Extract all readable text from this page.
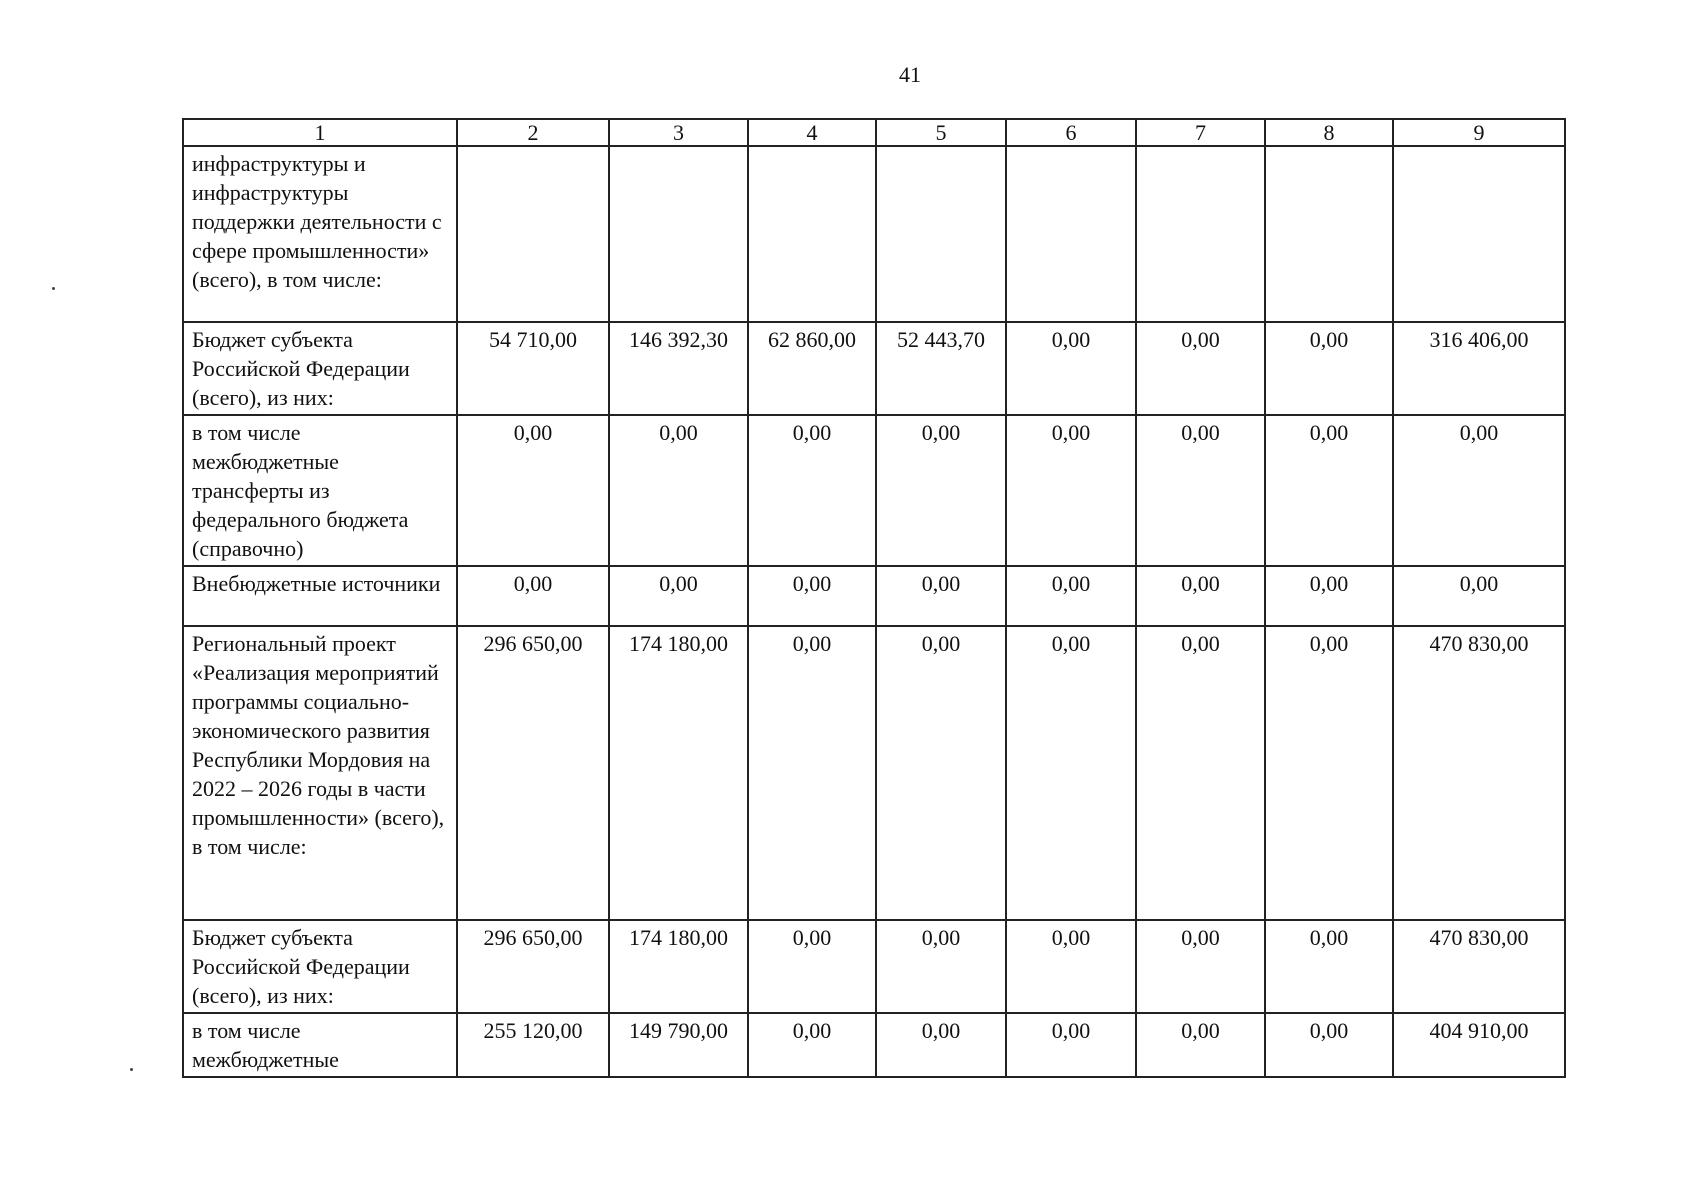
41
1	2	3	4	5	6	7	8	9
инфраструктуры и инфраструктуры поддержки деятельности с сфере промышленности» (всего), в том числе:								
Бюджет субъекта Российской Федерации (всего), из них:	54 710,00	146 392,30	62 860,00	52 443,70	0,00	0,00	0,00	316 406,00
в том числе межбюджетные трансферты из федерального бюджета (справочно)	0,00	0,00	0,00	0,00	0,00	0,00	0,00	0,00
Внебюджетные источники	0,00	0,00	0,00	0,00	0,00	0,00	0,00	0,00
Региональный проект «Реализация мероприятий программы социально-экономического развития Республики Мордовия на 2022 – 2026 годы в части промышленности» (всего), в том числе:	296 650,00	174 180,00	0,00	0,00	0,00	0,00	0,00	470 830,00
Бюджет субъекта Российской Федерации (всего), из них:	296 650,00	174 180,00	0,00	0,00	0,00	0,00	0,00	470 830,00
в том числе межбюджетные	255 120,00	149 790,00	0,00	0,00	0,00	0,00	0,00	404 910,00
